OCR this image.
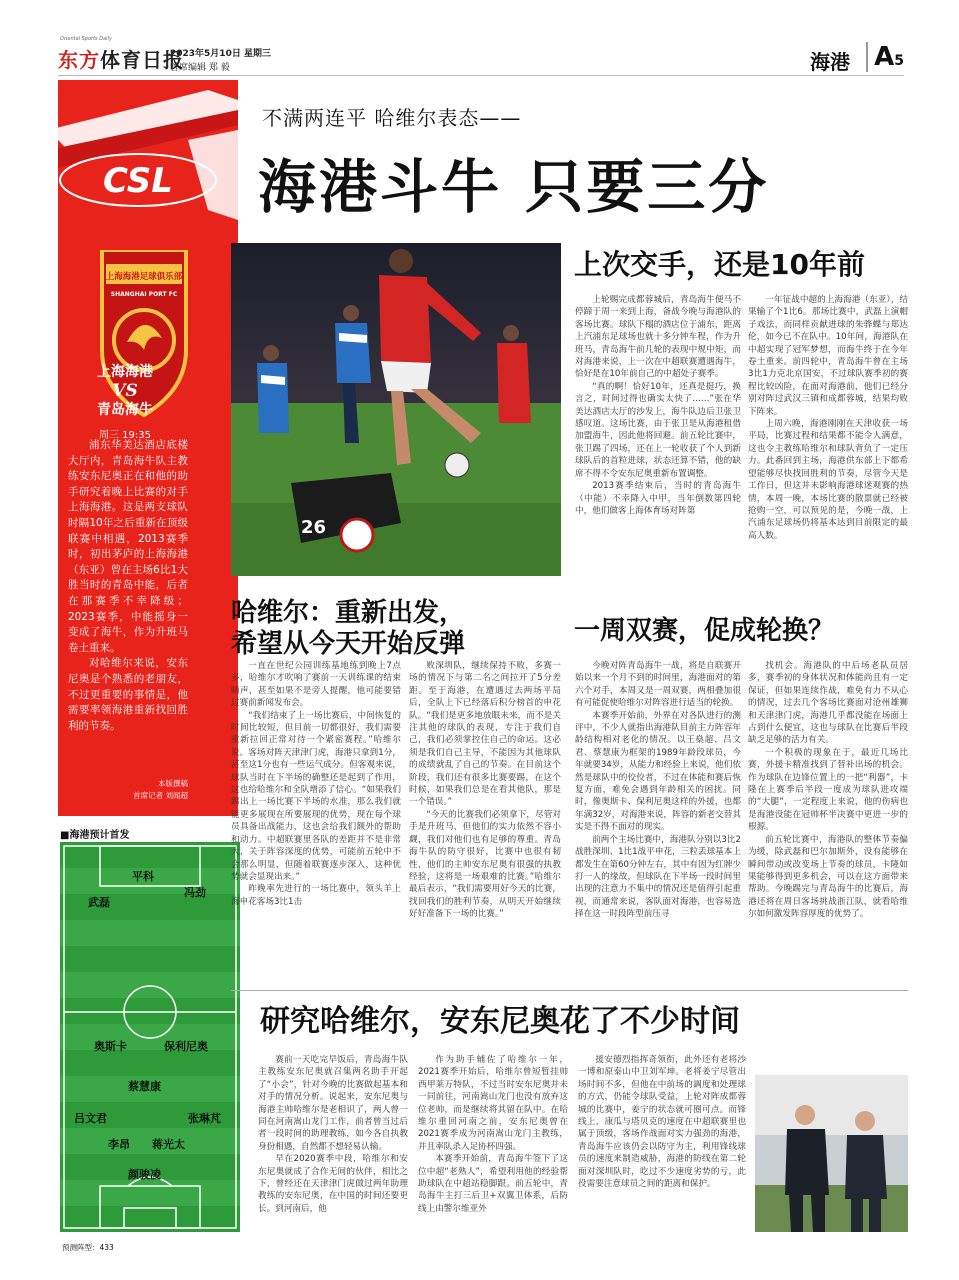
Oriental Sports Daily
东方体育日报
2023年5月10日 星期三
首席编辑 郑 毅	海港 A5
CSL
上海海港足球俱乐部
SHANGHAI PORT FC
上海海港
VS
青岛海牛
周三 19:35

浦东华美达酒店底楼大厅内，青岛海牛队主教练安东尼奥正在和他的助手研究着晚上比赛的对手上海海港。这是两支球队时隔10年之后重新在顶级联赛中相遇，2013赛季时，初出茅庐的上海海港（东亚）曾在主场6比1大胜当时的青岛中能，后者在那赛季不幸降级；2023赛季，中能摇身一变成了海牛，作为升班马卷土重来。

对哈维尔来说，安东尼奥是个熟悉的老朋友，不过更重要的事情是，他需要率领海港重新找回胜利的节奏。

本版撰稿
首席记者 刘闻超
■海港预计首发
平科
武磊
冯劲
奥斯卡	保利尼奥
蔡慧康
吕文君	张琳芃
李昂 蒋光太
颜骏凌
预测阵型：433
不满两连平 哈维尔表态——
海港斗牛 只要三分
26
上次交手，还是10年前

上轮赐完成都蓉城后，青岛海牛便马不停蹄于周一来到上海，备战今晚与海港队的客场比赛。球队下榻的酒店位于浦东，距离上汽浦东足球场也就十多分钟车程，作为升班马，青岛海牛前几轮的表现中规中矩，而对海港来说，上一次在中超联赛遭遇海牛，恰好是在10年前自己的中超处子赛季。

“真的啊！恰好10年，还真是挺巧，换言之，时间过得也确实太快了……”张在华美达酒店大厅的沙发上，海牛队边后卫张卫感叹道。这场比赛，由于张卫是从海港租借加盟海牛，因此他将回避。前五轮比赛中，张卫踢了四场，还在上一轮收获了个人到新球队后的首粒进球，状态还算不错，他的缺席不得不令安东尼奥重新布置调整。

2013赛季结束后，当时的青岛海牛（中能）不幸降入中甲，当年倒数第四轮中，他们做客上海体育场对阵第

一年征战中超的上海海港（东亚），结果输了个1比6。那场比赛中，武磊上演帽子戏法，而同样贡献进球的朱骅蝶与郑达伦，如今已不在队中。10年间，海港队在中超实现了冠军梦想，而海牛终于在今年卷土重来。前四轮中，青岛海牛曾在主场3比1力克北京国安，不过球队赛季初的赛程比较凶险，在面对海港前，他们已经分别对阵过武汉三镇和成都蓉城，结果均败下阵来。

上周六晚，海港刚刚在天津收获一场平局，比赛过程和结果都不能令人满意，这也令主教练哈维尔和球队背负了一定压力。此番回到主场，海港供东部上下都希望能够尽快找回胜利的节奏，尽管今天是工作日，但这并未影响海港球迷观赛的热情，本周一晚，本场比赛的散票就已经被抢购一空，可以预见的是，今晚一战，上汽浦东足球场仍将基本达到目前限定的最高人数。

哈维尔：重新出发，
希望从今天开始反弹

一直在世纪公园训练基地练到晚上7点多，哈维尔才吹响了赛前一天训练课的结束哨声，甚至如果不是旁人提醒，他可能要错过赛前新闻发布会。

“我们结束了上一场比赛后，中间恢复的时间比较短，但目前一切都很好，我们需要重新拉回正常对待一个紧密赛程。”哈维尔说。客场对阵天津津门虎，海港只拿到1分，甚至这1分也有一些运气成分。但客观来说，球队当时在下半场的确整还是起到了作用，这也给哈维尔和全队增添了信心。“如果我们踢出上一场比赛下半场的水准，那么我们就能更多展现在所要展现的优势，现在每个球员具备出战能力，这也会给我们额外的帮助和动力。中超联赛里各队的差距并不是非常大，关于阵容深度的优势，可能前五轮中不会那么明显，但随着联赛逐步深入，这种优势就会显现出来。”

昨晚率先进行的一场比赛中，领头羊上海申花客场3比1击

败深圳队，继续保持不败，多赛一场的情况下与第二名之间拉开了5分差距。至于海港，在遭遇过去两场平局后，全队上下已经落后积分榜首的申花队。“我们是更多地放眼未来，而不是关注其他的球队的表现，专注于我们自己，我们必须掌控住自己的命运。这必须是我们自己主导，不能因为其他球队的成绩就乱了自己的节奏。在目前这个阶段，我们还有很多比赛要踢，在这个时候，如果我们总是在看其他队，那是一个错误。”

“今天的比赛我们必须拿下，尽管对手是升班马，但他们的实力依然不容小觑，我们对他们也有足够的尊重。青岛海牛队的防守很好，比赛中也很有韧性，他们的主帅安东尼奥有很强的执教经验，这将是一场艰难的比赛。”哈维尔最后表示，“我们需要用好今天的比赛，找回我们的胜利节奏，从明天开始继续好好准备下一场的比赛。”

一周双赛，促成轮换？

今晚对阵青岛海牛一战，将是自联赛开始以来一个月不到的时间里，海港面对的第六个对手，本周又是一周双赛，两相叠加很有可能促使哈维尔对阵容进行适当的轮换。

本赛季开始前，外界在对各队进行的测评中，不少人就指出海港队目前主力阵容年龄结构相对老化的情况。以王燊超、吕文君、蔡慧康为框架的1989年龄段球员，今年就要34岁，从能力和经验上来说，他们依然是球队中的佼佼者，不过在体能和赛后恢复方面，难免会遇到年龄相关的困扰。同时，像奥斯卡、保利尼奥这样的外援，也都年满32岁，对海港来说，阵容的新老交替其实是不得不面对的现实。

前两个主场比赛中，海港队分别以3比2战胜深圳、1比1战平申花，三粒丢球基本上都发生在第60分钟左右，其中有因为红牌少打一人的缘故，但球队在下半场一段时间里出现的注意力不集中的情况还是值得引起重视，而通常来说，客队面对海港，也容易选择在这一时段阵型前压寻

找机会。海港队的中后场老队员居多，赛季初的身体状况和体能尚且有一定保证，但如果连续作战，难免有力不从心的情况，过去几个客场比赛面对沧州雄狮和天津津门虎，海港几乎都没能在场面上占到什么便宜，这也与球队在比赛后半段缺乏足够的活力有关。

一个积极的现象在于，最近几场比赛，外援卡精准找到了替补出场的机会。作为球队在边锋位置上的一把“利器”，卡隆在上赛季后半段一度成为球队进攻端的“大腿”，一定程度上来说，他的伤病也是海港没能在冠帅杯半决赛中更进一步的根源。

前五轮比赛中，海港队的整体节奏偏为缓，除武磊和巴尔加斯外，没有能够在瞬间带动或改变场上节奏的球员，卡隆如果能够得到更多机会，可以在这方面带来帮助。今晚踢完与青岛海牛的比赛后，海港还将在周日客场挑战浙江队，就看哈维尔如何激发阵容厚度的优势了。

研究哈维尔，安东尼奥花了不少时间

赛前一天吃完早饭后，青岛海牛队主教练安东尼奥就召集两名助手开起了“小会”，针对今晚的比赛做起基本和对手的情况分析。说起来，安东尼奥与海港主帅哈维尔是老相识了，两人曾一同在河南嵩山龙门工作，前者曾当过后者一段时间的助理教练，如今各自执教身份相遇，自然都不想轻易认输。

早在2020赛季中段，哈维尔和安东尼奥就成了合作无间的伙伴，相比之下，曾经还在天津津门虎做过两年助理教练的安东尼奥，在中国的时间还要更长。到河南后，他

作为助手辅佐了哈维尔一年，2021赛季开始后，哈维尔曾短暂挂帅西甲莱万特队，不过当时安东尼奥并未一同前往，河南嵩山龙门也没有放弃这位老帅，而是继续将其留在队中。在哈维尔重回河南之前，安东尼奥曾在2021赛季成为河南嵩山龙门主教练，并且率队杀入足协杯四强。

本赛季开始前，青岛海牛签下了这位中超“老熟人”，希望利用他的经验帮助球队在中超站稳脚跟。前五轮中，青岛海牛主打三后卫+双翼卫体系，后防线上由警尔维亚外

援安德烈指挥奇领衔，此外还有老将沙一博和原泰山中卫刘军坤。老将姜宁尽管出场时间不多，但他在中前场的調度和处理球的方式，仍能令球队受益，上轮对阵成都蓉城的比赛中，姜宁的状态就可圈可点。而锋线上，康瓜与塔贝克的速度在中超联赛里也属于顶级，客场作战面对实力强劲的海港，青岛海牛应该仍会以防守为主，利用锋线球员的速度来制造威胁，海港的防线在第二轮面对深圳队时，吃过不少速度劣势的亏，此役需要注意球员之间的距离和保护。
